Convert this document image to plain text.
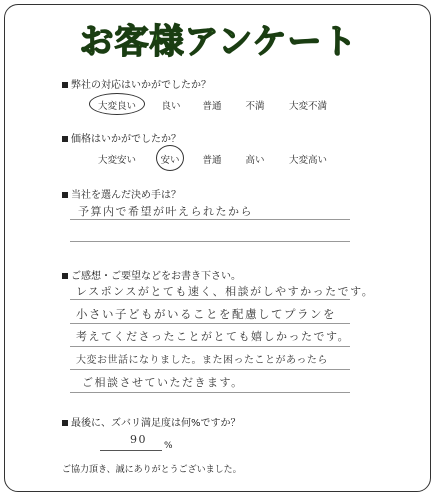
お客様アンケート
弊社の対応はいかがでしたか？
大変良い	良い 普通	不満	大変不満
価格はいかがでしたか？
大変安い	安い 普通	高い	大変高い
当社を選んだ決め手は？
予算内で希望が叶えられたから
ご感想・ご要望などをお書き下さい。
レスポンスがとても速く、相談がしやすかったです。
小さい子どもがいることを配慮してプランを
考えてくださったことがとても嬉しかったです。
大変お世話になりました。また困ったことがあったら
ご相談させていただきます。
最後に、ズバリ満足度は何%ですか？
90 %
ご協力頂き、誠にありがとうございました。
